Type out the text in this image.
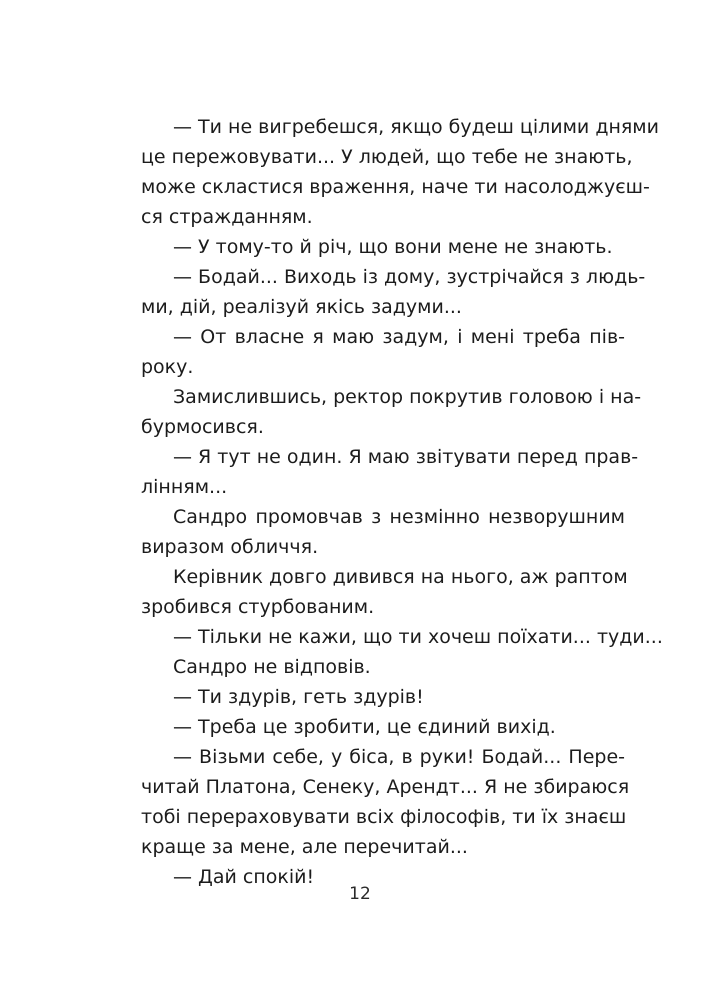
— Ти не вигребешся, якщо будеш цілими днями
це пережовувати... У людей, що тебе не знають,
може скластися враження, наче ти насолоджуєш-
ся стражданням.
— У тому-то й річ, що вони мене не знають.
— Бодай... Виходь із дому, зустрічайся з людь-
ми, дій, реалізуй якісь задуми...
— От власне я маю задум, і мені треба пів-
року.
Замислившись, ректор покрутив головою і на-
бурмосився.
— Я тут не один. Я маю звітувати перед прав-
лінням...
Сандро промовчав з незмінно незворушним
виразом обличчя.
Керівник довго дивився на нього, аж раптом
зробився стурбованим.
— Тільки не кажи, що ти хочеш поїхати... туди...
Сандро не відповів.
— Ти здурів, геть здурів!
— Треба це зробити, це єдиний вихід.
— Візьми себе, у біса, в руки! Бодай... Пере-
читай Платона, Сенеку, Арендт... Я не збираюся
тобі перераховувати всіх філософів, ти їх знаєш
краще за мене, але перечитай...
— Дай спокій!
12
